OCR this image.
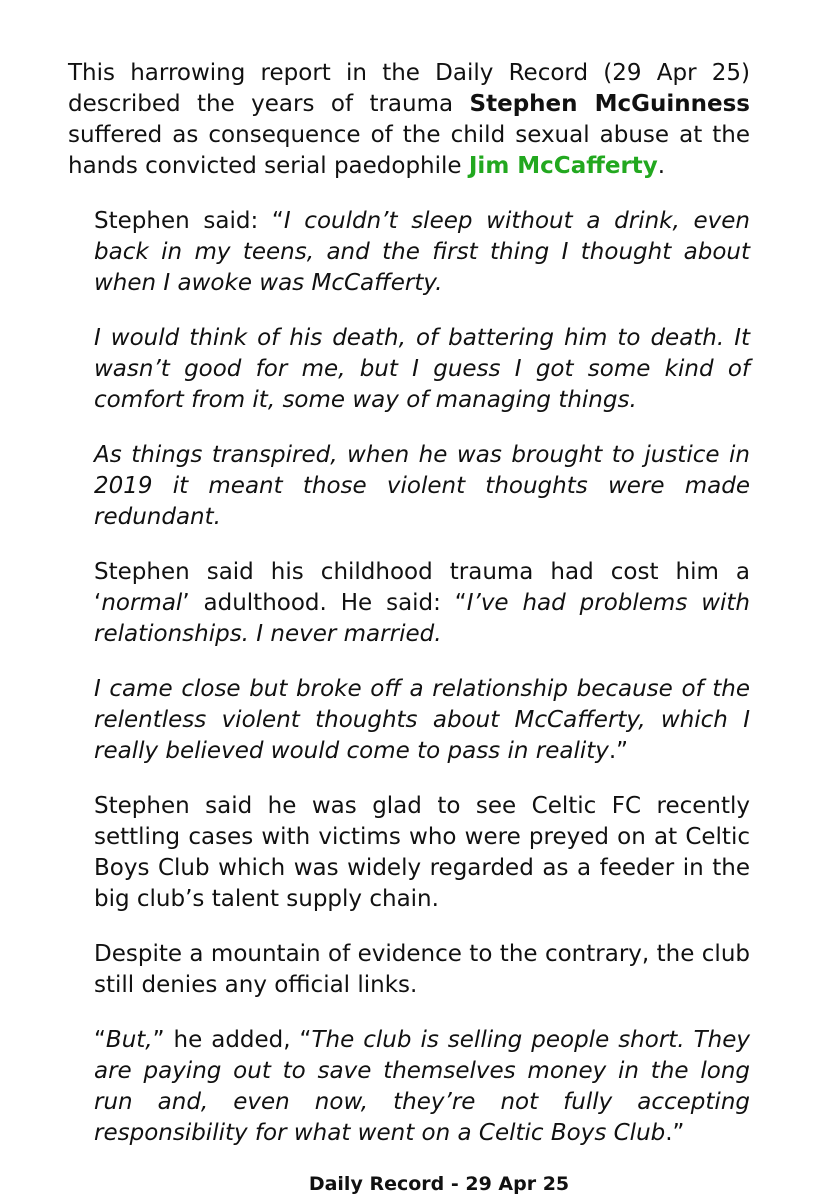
This harrowing report in the Daily Record (29 Apr 25) described the years of trauma Stephen McGuinness suffered as consequence of the child sexual abuse at the hands convicted serial paedophile Jim McCafferty.

Stephen said: “I couldn’t sleep without a drink, even back in my teens, and the first thing I thought about when I awoke was McCafferty.

I would think of his death, of battering him to death. It wasn’t good for me, but I guess I got some kind of comfort from it, some way of managing things.

As things transpired, when he was brought to justice in 2019 it meant those violent thoughts were made redundant.

Stephen said his childhood trauma had cost him a ‘normal’ adulthood. He said: “I’ve had problems with relationships. I never married.

I came close but broke off a relationship because of the relentless violent thoughts about McCafferty, which I really believed would come to pass in reality.”

Stephen said he was glad to see Celtic FC recently settling cases with victims who were preyed on at Celtic Boys Club which was widely regarded as a feeder in the big club’s talent supply chain.

Despite a mountain of evidence to the contrary, the club still denies any official links.

“But,” he added, “The club is selling people short. They are paying out to save themselves money in the long run and, even now, they’re not fully accepting responsibility for what went on a Celtic Boys Club.”

Daily Record - 29 Apr 25
